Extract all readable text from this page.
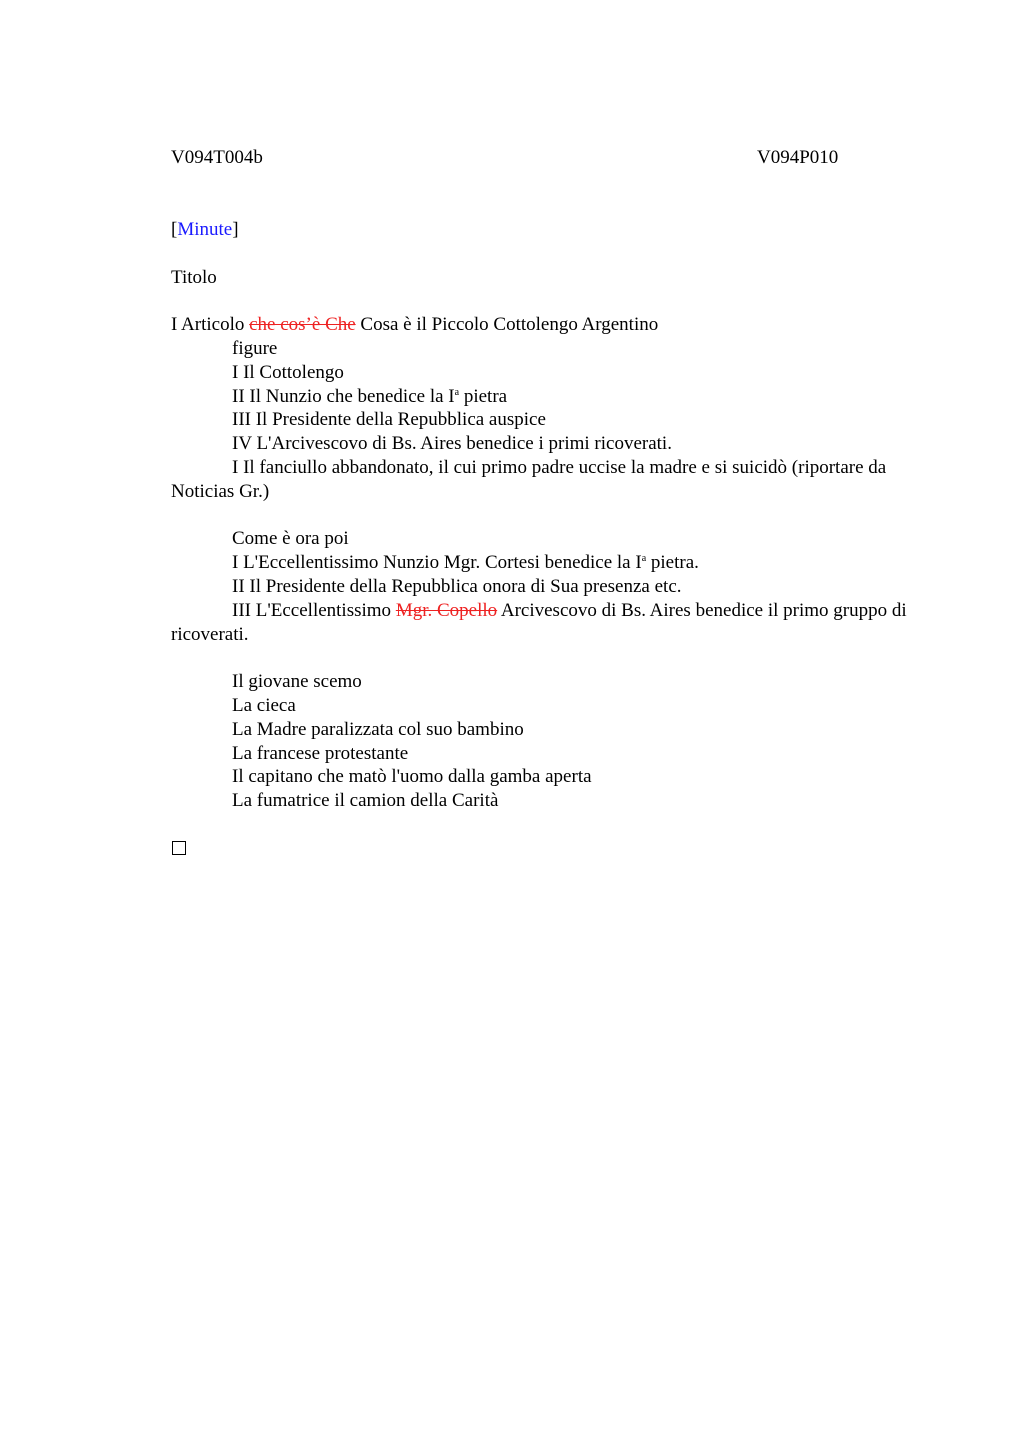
V094T004b	V094P010
[Minute]
Titolo
I Articolo che cos’è Che Cosa è il Piccolo Cottolengo Argentino
figure
I Il Cottolengo
II Il Nunzio che benedice la $I^a$ pietra
III Il Presidente della Repubblica auspice
IV L'Arcivescovo di Bs. Aires benedice i primi ricoverati.
I Il fanciullo abbandonato, il cui primo padre uccise la madre e si suicidò (riportare da Noticias Gr.)
Come è ora poi
I L'Eccellentissimo Nunzio Mgr. Cortesi benedice la $I^a$ pietra.
II Il Presidente della Repubblica onora di Sua presenza etc.
III L'Eccellentissimo Mgr. Copello Arcivescovo di Bs. Aires benedice il primo gruppo di ricoverati.
Il giovane scemo
La cieca
La Madre paralizzata col suo bambino
La francese protestante
Il capitano che matò l'uomo dalla gamba aperta
La fumatrice il camion della Carità
